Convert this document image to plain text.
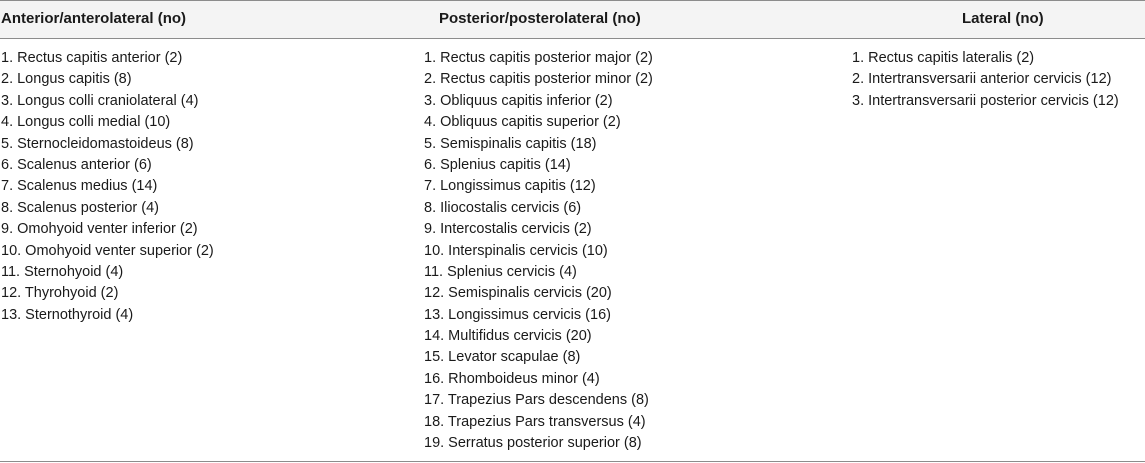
Anterior/anterolateral (no)	Posterior/posterolateral (no)	Lateral (no)
1. Rectus capitis anterior (2)
2. Longus capitis (8)
3. Longus colli craniolateral (4)
4. Longus colli medial (10)
5. Sternocleidomastoideus (8)
6. Scalenus anterior (6)
7. Scalenus medius (14)
8. Scalenus posterior (4)
9. Omohyoid venter inferior (2)
10. Omohyoid venter superior (2)
11. Sternohyoid (4)
12. Thyrohyoid (2)
13. Sternothyroid (4)
1. Rectus capitis posterior major (2)
2. Rectus capitis posterior minor (2)
3. Obliquus capitis inferior (2)
4. Obliquus capitis superior (2)
5. Semispinalis capitis (18)
6. Splenius capitis (14)
7. Longissimus capitis (12)
8. Iliocostalis cervicis (6)
9. Intercostalis cervicis (2)
10. Interspinalis cervicis (10)
11. Splenius cervicis (4)
12. Semispinalis cervicis (20)
13. Longissimus cervicis (16)
14. Multifidus cervicis (20)
15. Levator scapulae (8)
16. Rhomboideus minor (4)
17. Trapezius Pars descendens (8)
18. Trapezius Pars transversus (4)
19. Serratus posterior superior (8)
1. Rectus capitis lateralis (2)
2. Intertransversarii anterior cervicis (12)
3. Intertransversarii posterior cervicis (12)
